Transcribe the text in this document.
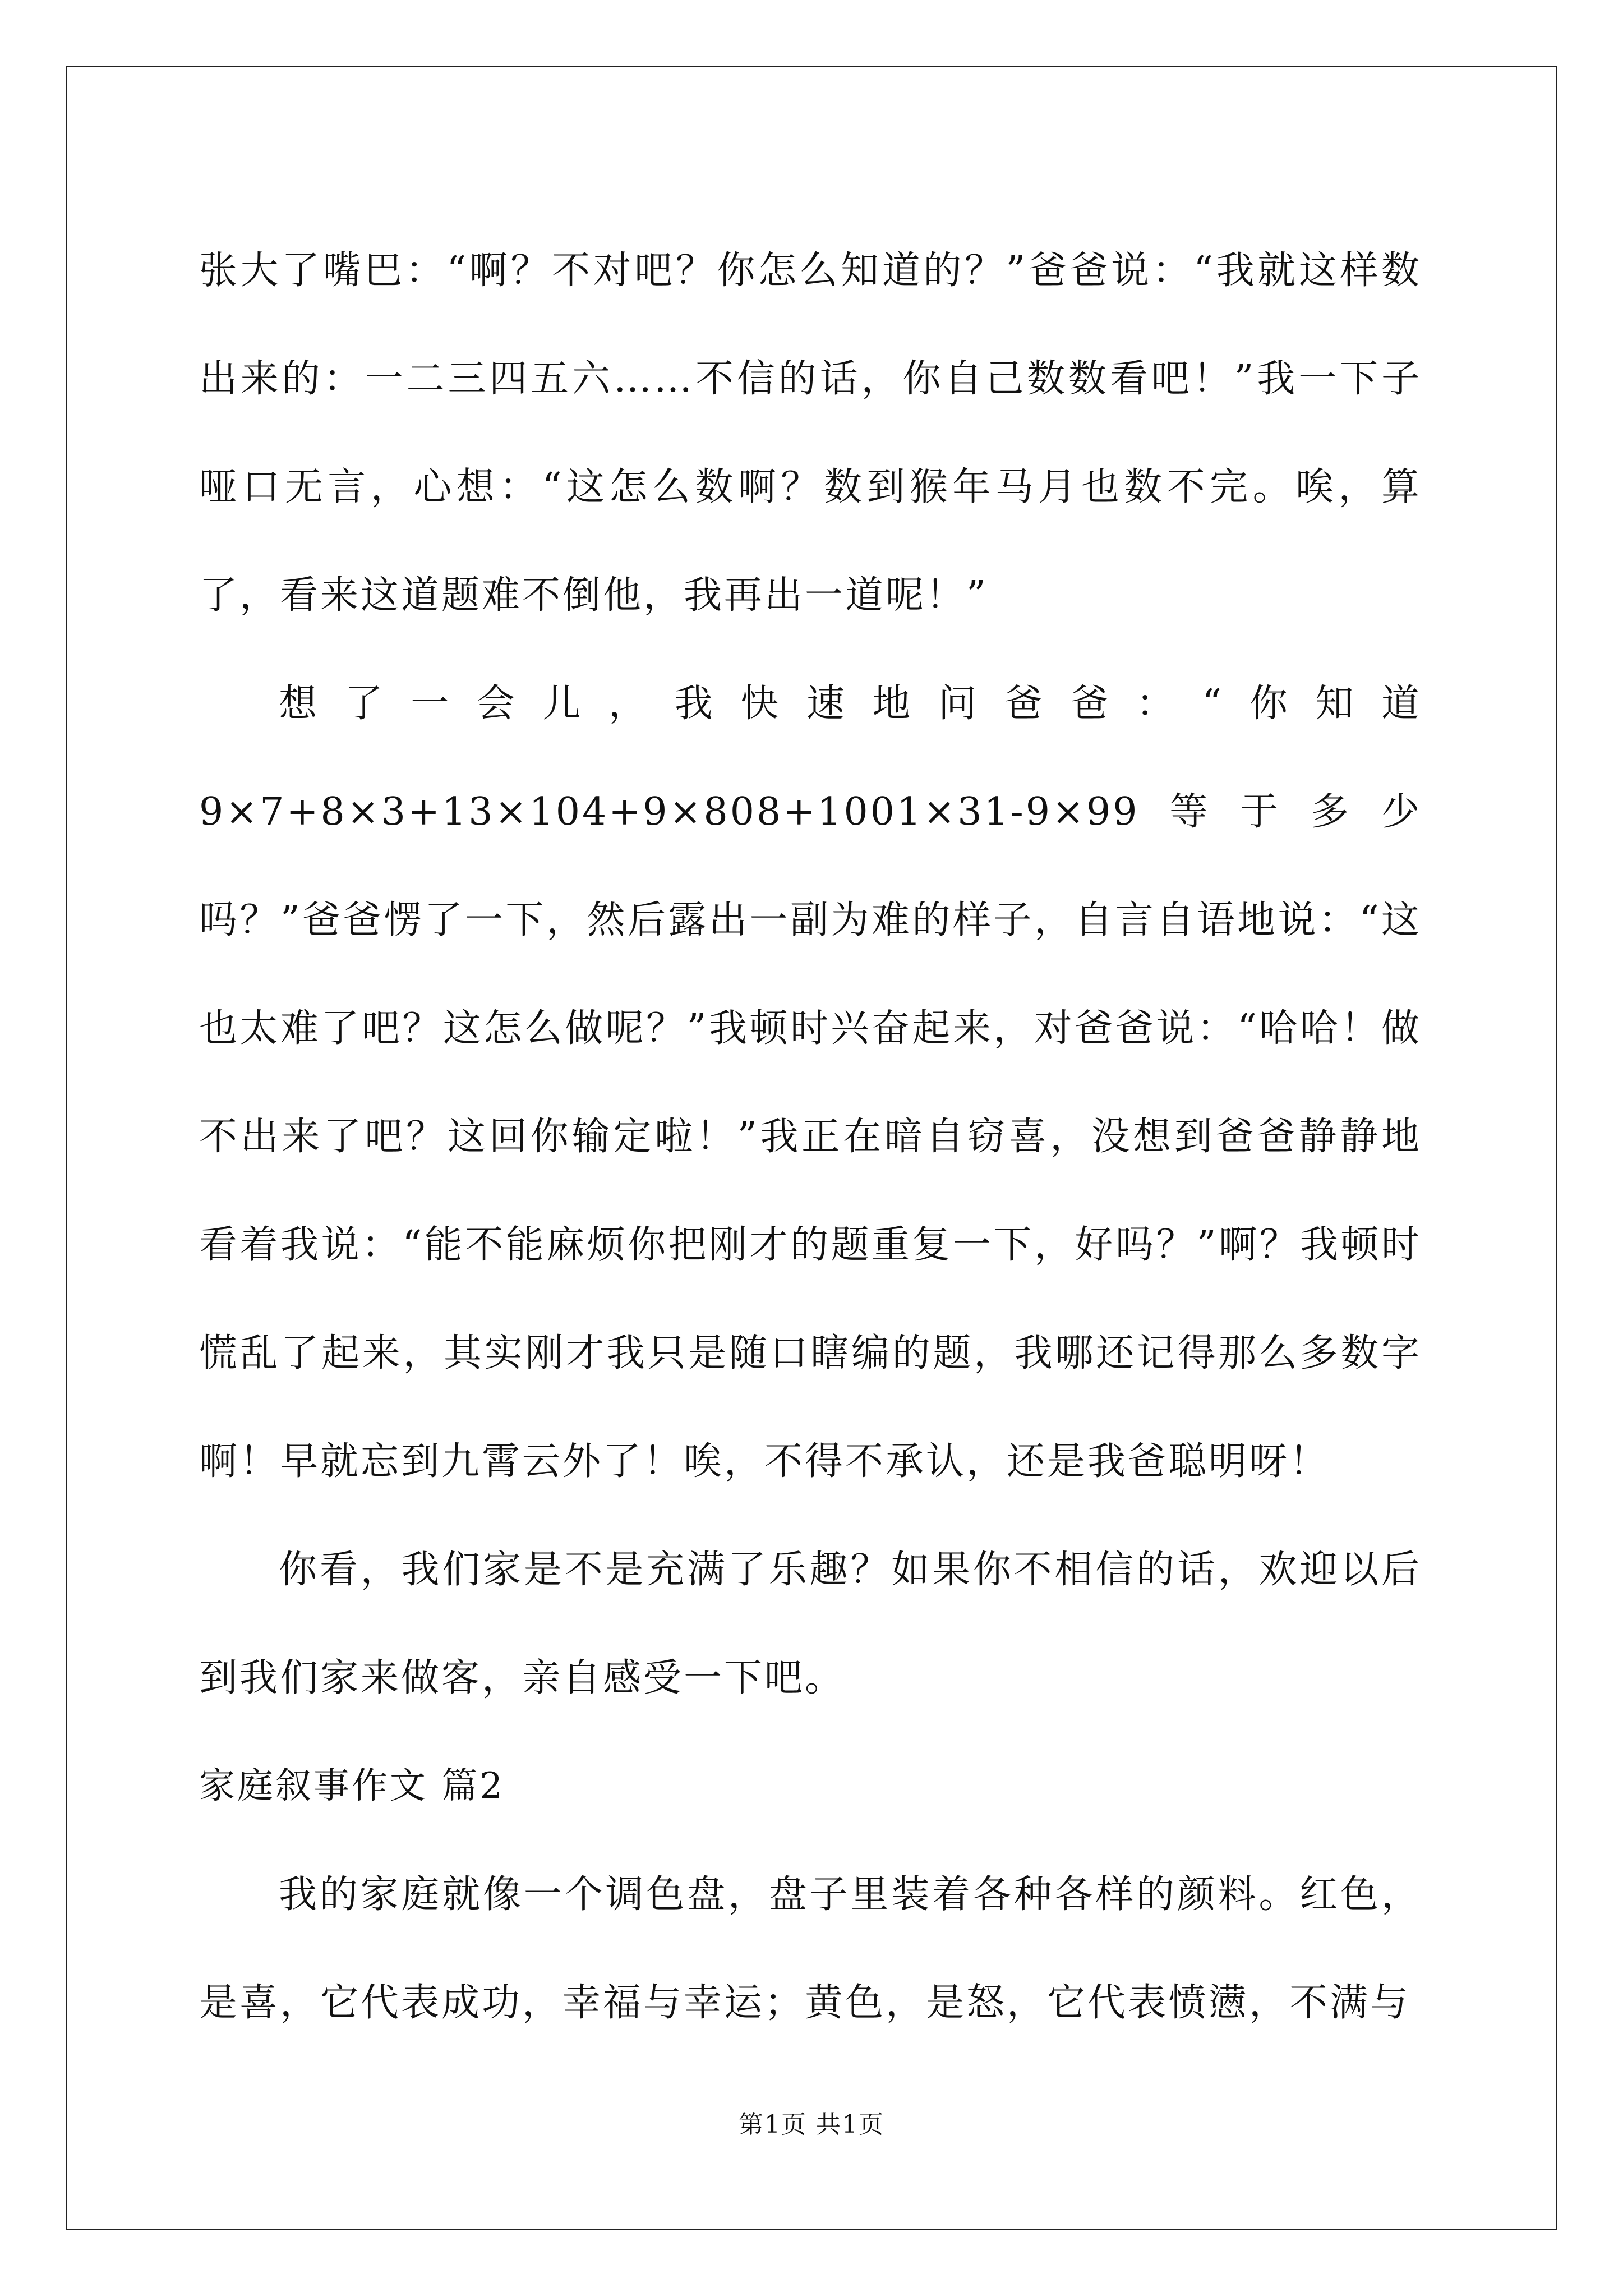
张大了嘴巴：“啊？不对吧？你怎么知道的？”爸爸说：“我就这样数出来的：一二三四五六……不信的话，你自己数数看吧！”我一下子哑口无言，心想：“这怎么数啊？数到猴年马月也数不完。唉，算了，看来这道题难不倒他，我再出一道呢！”

想了一会儿，我快速地问爸爸：“你知道9×7+8×3+13×104+9×808+1001×31-9×99等于多少吗？”爸爸愣了一下，然后露出一副为难的样子，自言自语地说：“这也太难了吧？这怎么做呢？”我顿时兴奋起来，对爸爸说：“哈哈！做不出来了吧？这回你输定啦！”我正在暗自窃喜，没想到爸爸静静地看着我说：“能不能麻烦你把刚才的题重复一下，好吗？”啊？我顿时慌乱了起来，其实刚才我只是随口瞎编的题，我哪还记得那么多数字啊！早就忘到九霄云外了！唉，不得不承认，还是我爸聪明呀！

你看，我们家是不是充满了乐趣？如果你不相信的话，欢迎以后到我们家来做客，亲自感受一下吧。

家庭叙事作文 篇2

我的家庭就像一个调色盘，盘子里装着各种各样的颜料。红色，是喜，它代表成功，幸福与幸运；黄色，是怒，它代表愤懑，不满与

第1页 共1页
